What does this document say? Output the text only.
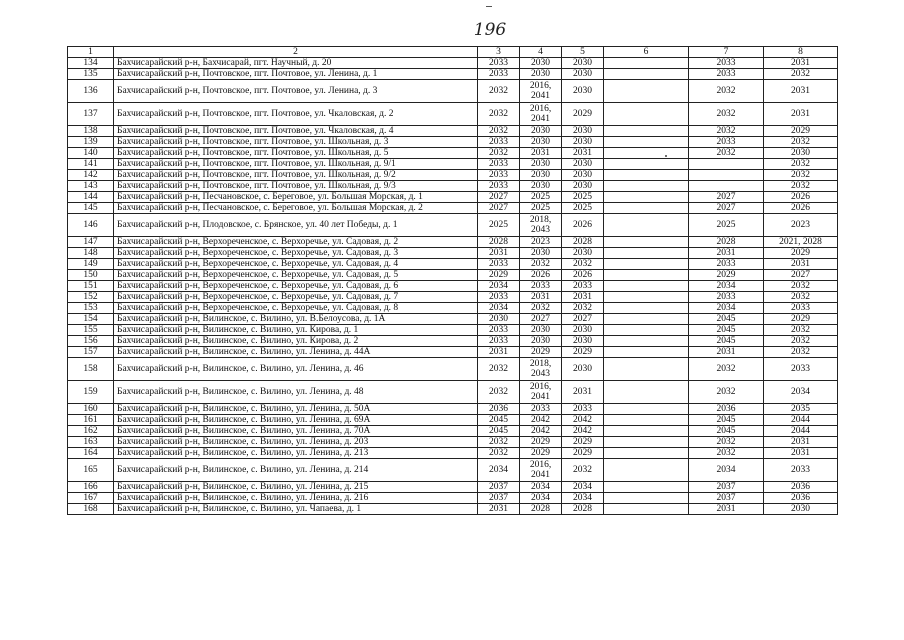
196
1	2	3	4	5	6	7	8
134	Бахчисарайский р-н, Бахчисарай, пгт. Научный, д. 20	2033	2030	2030		2033	2031
135	Бахчисарайский р-н, Почтовское, пгт. Почтовое, ул. Ленина, д. 1	2033	2030	2030		2033	2032
136	Бахчисарайский р-н, Почтовское, пгт. Почтовое, ул. Ленина, д. 3	2032	2016, 2041	2030		2032	2031
137	Бахчисарайский р-н, Почтовское, пгт. Почтовое, ул. Чкаловская, д. 2	2032	2016, 2041	2029		2032	2031
138	Бахчисарайский р-н, Почтовское, пгт. Почтовое, ул. Чкаловская, д. 4	2032	2030	2030		2032	2029
139	Бахчисарайский р-н, Почтовское, пгт. Почтовое, ул. Школьная, д. 3	2033	2030	2030		2033	2032
140	Бахчисарайский р-н, Почтовское, пгт. Почтовое, ул. Школьная, д. 5	2032	2031	2031		2032	2030
141	Бахчисарайский р-н, Почтовское, пгт. Почтовое, ул. Школьная, д. 9/1	2033	2030	2030			2032
142	Бахчисарайский р-н, Почтовское, пгт. Почтовое, ул. Школьная, д. 9/2	2033	2030	2030			2032
143	Бахчисарайский р-н, Почтовское, пгт. Почтовое, ул. Школьная, д. 9/3	2033	2030	2030			2032
144	Бахчисарайский р-н, Песчановское, с. Береговое, ул. Большая Морская, д. 1	2027	2025	2025		2027	2026
145	Бахчисарайский р-н, Песчановское, с. Береговое, ул. Большая Морская, д. 2	2027	2025	2025		2027	2026
146	Бахчисарайский р-н, Плодовское, с. Брянское, ул. 40 лет Победы, д. 1	2025	2018, 2043	2026		2025	2023
147	Бахчисарайский р-н, Верхореченское, с. Верхоречье, ул. Садовая, д. 2	2028	2023	2028		2028	2021, 2028
148	Бахчисарайский р-н, Верхореченское, с. Верхоречье, ул. Садовая, д. 3	2031	2030	2030		2031	2029
149	Бахчисарайский р-н, Верхореченское, с. Верхоречье, ул. Садовая, д. 4	2033	2032	2032		2033	2031
150	Бахчисарайский р-н, Верхореченское, с. Верхоречье, ул. Садовая, д. 5	2029	2026	2026		2029	2027
151	Бахчисарайский р-н, Верхореченское, с. Верхоречье, ул. Садовая, д. 6	2034	2033	2033		2034	2032
152	Бахчисарайский р-н, Верхореченское, с. Верхоречье, ул. Садовая, д. 7	2033	2031	2031		2033	2032
153	Бахчисарайский р-н, Верхореченское, с. Верхоречье, ул. Садовая, д. 8	2034	2032	2032		2034	2033
154	Бахчисарайский р-н, Вилинское, с. Вилино, ул. В.Белоусова, д. 1А	2030	2027	2027		2045	2029
155	Бахчисарайский р-н, Вилинское, с. Вилино, ул. Кирова, д. 1	2033	2030	2030		2045	2032
156	Бахчисарайский р-н, Вилинское, с. Вилино, ул. Кирова, д. 2	2033	2030	2030		2045	2032
157	Бахчисарайский р-н, Вилинское, с. Вилино, ул. Ленина, д. 44А	2031	2029	2029		2031	2032
158	Бахчисарайский р-н, Вилинское, с. Вилино, ул. Ленина, д. 46	2032	2018, 2043	2030		2032	2033
159	Бахчисарайский р-н, Вилинское, с. Вилино, ул. Ленина, д. 48	2032	2016, 2041	2031		2032	2034
160	Бахчисарайский р-н, Вилинское, с. Вилино, ул. Ленина, д. 50А	2036	2033	2033		2036	2035
161	Бахчисарайский р-н, Вилинское, с. Вилино, ул. Ленина, д. 69А	2045	2042	2042		2045	2044
162	Бахчисарайский р-н, Вилинское, с. Вилино, ул. Ленина, д. 70А	2045	2042	2042		2045	2044
163	Бахчисарайский р-н, Вилинское, с. Вилино, ул. Ленина, д. 203	2032	2029	2029		2032	2031
164	Бахчисарайский р-н, Вилинское, с. Вилино, ул. Ленина, д. 213	2032	2029	2029		2032	2031
165	Бахчисарайский р-н, Вилинское, с. Вилино, ул. Ленина, д. 214	2034	2016, 2041	2032		2034	2033
166	Бахчисарайский р-н, Вилинское, с. Вилино, ул. Ленина, д. 215	2037	2034	2034		2037	2036
167	Бахчисарайский р-н, Вилинское, с. Вилино, ул. Ленина, д. 216	2037	2034	2034		2037	2036
168	Бахчисарайский р-н, Вилинское, с. Вилино, ул. Чапаева, д. 1	2031	2028	2028		2031	2030
